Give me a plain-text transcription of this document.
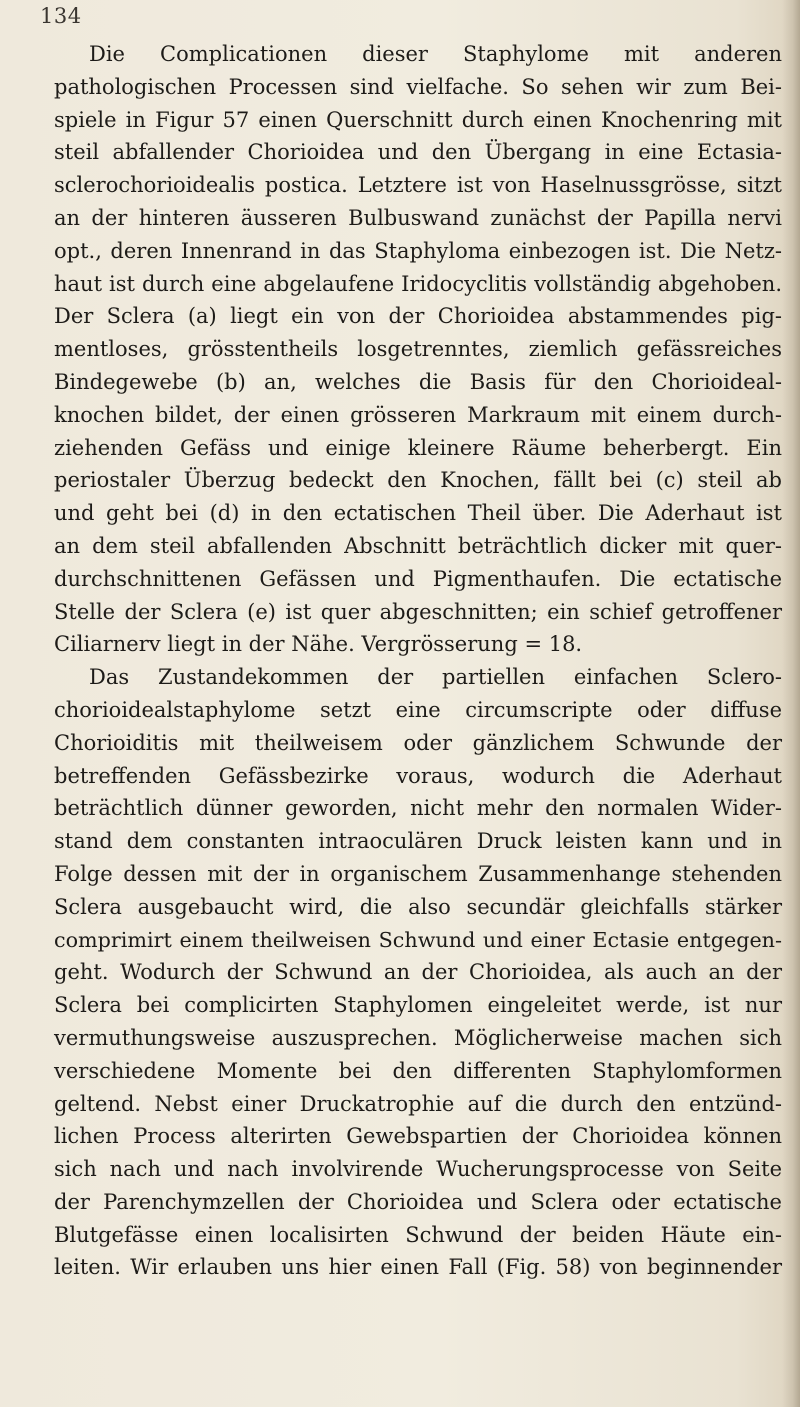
134
Die Complicationen dieser Staphylome mit anderen
pathologischen Processen sind vielfache. So sehen wir zum Bei-
spiele in Figur 57 einen Querschnitt durch einen Knochenring mit
steil abfallender Chorioidea und den Übergang in eine Ectasia-
sclerochorioidealis postica. Letztere ist von Haselnussgrösse, sitzt
an der hinteren äusseren Bulbuswand zunächst der Papilla nervi
opt., deren Innenrand in das Staphyloma einbezogen ist. Die Netz-
haut ist durch eine abgelaufene Iridocyclitis vollständig abgehoben.
Der Sclera (a) liegt ein von der Chorioidea abstammendes pig-
mentloses, grösstentheils losgetrenntes, ziemlich gefässreiches
Bindegewebe (b) an, welches die Basis für den Chorioideal-
knochen bildet, der einen grösseren Markraum mit einem durch-
ziehenden Gefäss und einige kleinere Räume beherbergt. Ein
periostaler Überzug bedeckt den Knochen, fällt bei (c) steil ab
und geht bei (d) in den ectatischen Theil über. Die Aderhaut ist
an dem steil abfallenden Abschnitt beträchtlich dicker mit quer-
durchschnittenen Gefässen und Pigmenthaufen. Die ectatische
Stelle der Sclera (e) ist quer abgeschnitten; ein schief getroffener
Ciliarnerv liegt in der Nähe. Vergrösserung = 18.
Das Zustandekommen der partiellen einfachen Sclero-
chorioidealstaphylome setzt eine circumscripte oder diffuse
Chorioiditis mit theilweisem oder gänzlichem Schwunde der
betreffenden Gefässbezirke voraus, wodurch die Aderhaut
beträchtlich dünner geworden, nicht mehr den normalen Wider-
stand dem constanten intraoculären Druck leisten kann und in
Folge dessen mit der in organischem Zusammenhange stehenden
Sclera ausgebaucht wird, die also secundär gleichfalls stärker
comprimirt einem theilweisen Schwund und einer Ectasie entgegen-
geht. Wodurch der Schwund an der Chorioidea, als auch an der
Sclera bei complicirten Staphylomen eingeleitet werde, ist nur
vermuthungsweise auszusprechen. Möglicherweise machen sich
verschiedene Momente bei den differenten Staphylomformen
geltend. Nebst einer Druckatrophie auf die durch den entzünd-
lichen Process alterirten Gewebspartien der Chorioidea können
sich nach und nach involvirende Wucherungsprocesse von Seite
der Parenchymzellen der Chorioidea und Sclera oder ectatische
Blutgefässe einen localisirten Schwund der beiden Häute ein-
leiten. Wir erlauben uns hier einen Fall (Fig. 58) von beginnender
